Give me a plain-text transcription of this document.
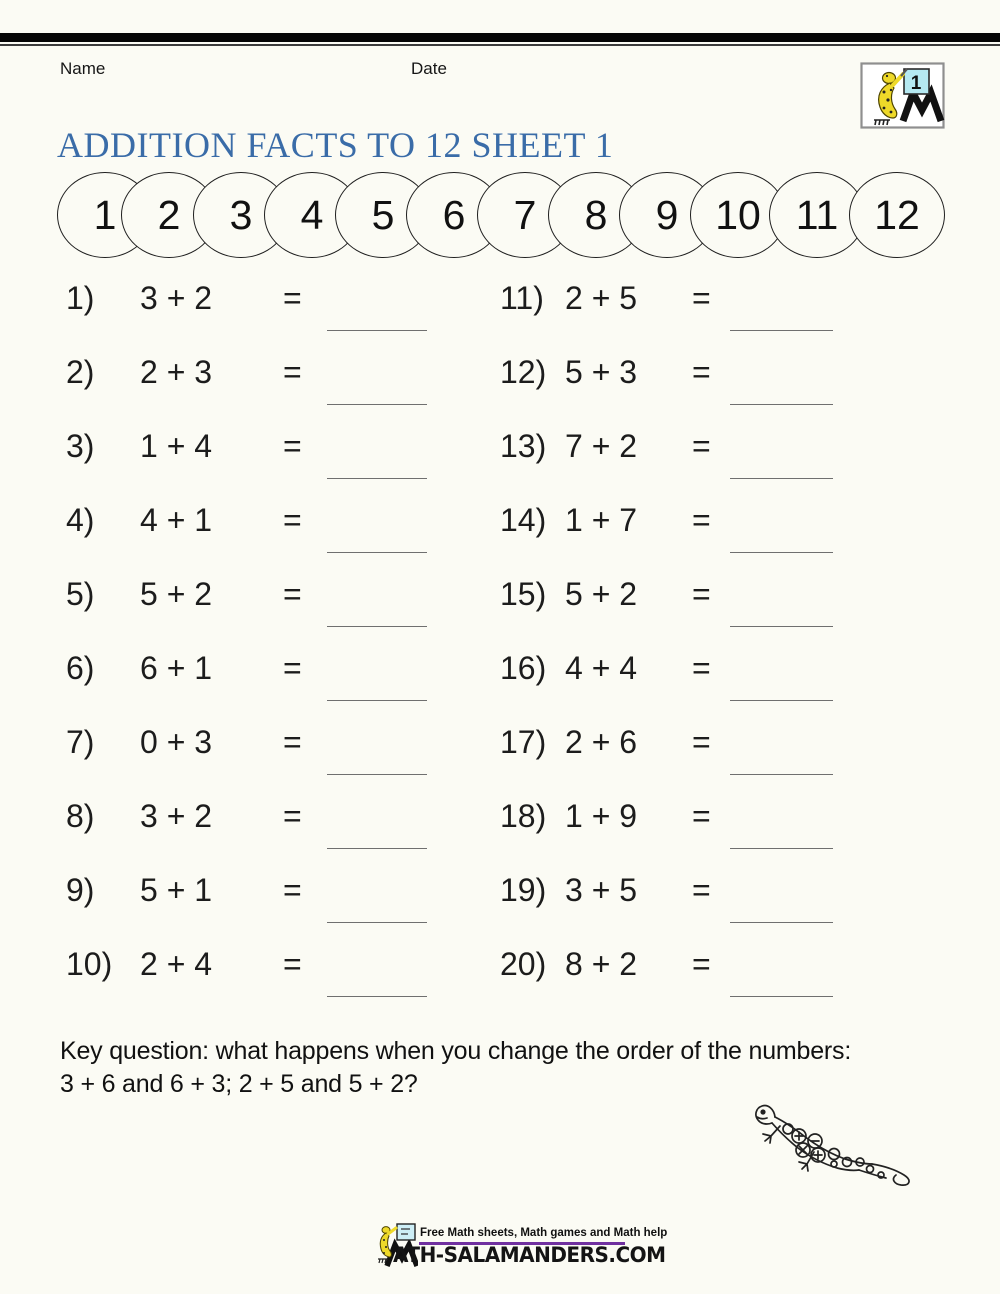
Name	Date
1
ADDITION FACTS TO 12 SHEET 1
1 2 3 4 5 6 7 8 9 10 11 12
1) 3 + 2 =
2) 2 + 3 =
3) 1 + 4 =
4) 4 + 1 =
5) 5 + 2 =
6) 6 + 1 =
7) 0 + 3 =
8) 3 + 2 =
9) 5 + 1 =
10) 2 + 4 =
11) 2 + 5 =
12) 5 + 3 =
13) 7 + 2 =
14) 1 + 7 =
15) 5 + 2 =
16) 4 + 4 =
17) 2 + 6 =
18) 1 + 9 =
19) 3 + 5 =
20) 8 + 2 =
Key question: what happens when you change the order of the numbers:
3 + 6 and 6 + 3; 2 + 5 and 5 + 2?
Free Math sheets, Math games and Math help
ATH-SALAMANDERS.COM
